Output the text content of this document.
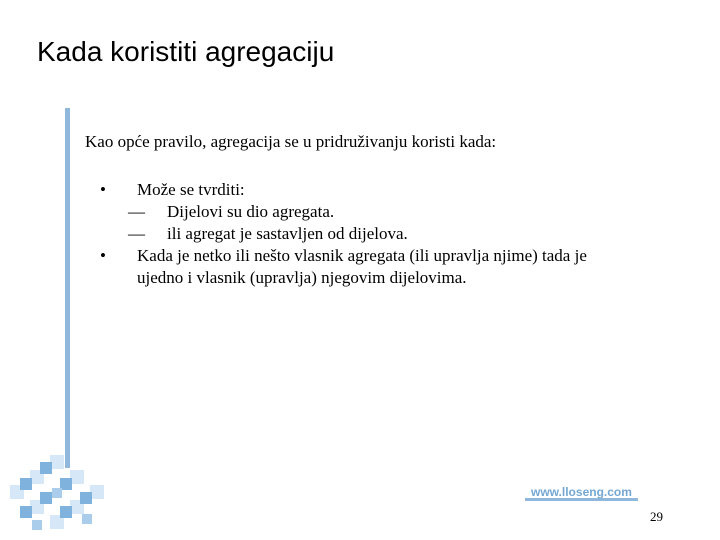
Kada koristiti agregaciju
Kao opće pravilo, agregacija se u pridruživanju koristi kada:
• Može se tvrditi:
— Dijelovi su dio agregata.
— ili agregat je sastavljen od dijelova.
• Kada je netko ili nešto vlasnik agregata (ili upravlja njime) tada je
ujedno i vlasnik (upravlja) njegovim dijelovima.
www.lloseng.com
29
